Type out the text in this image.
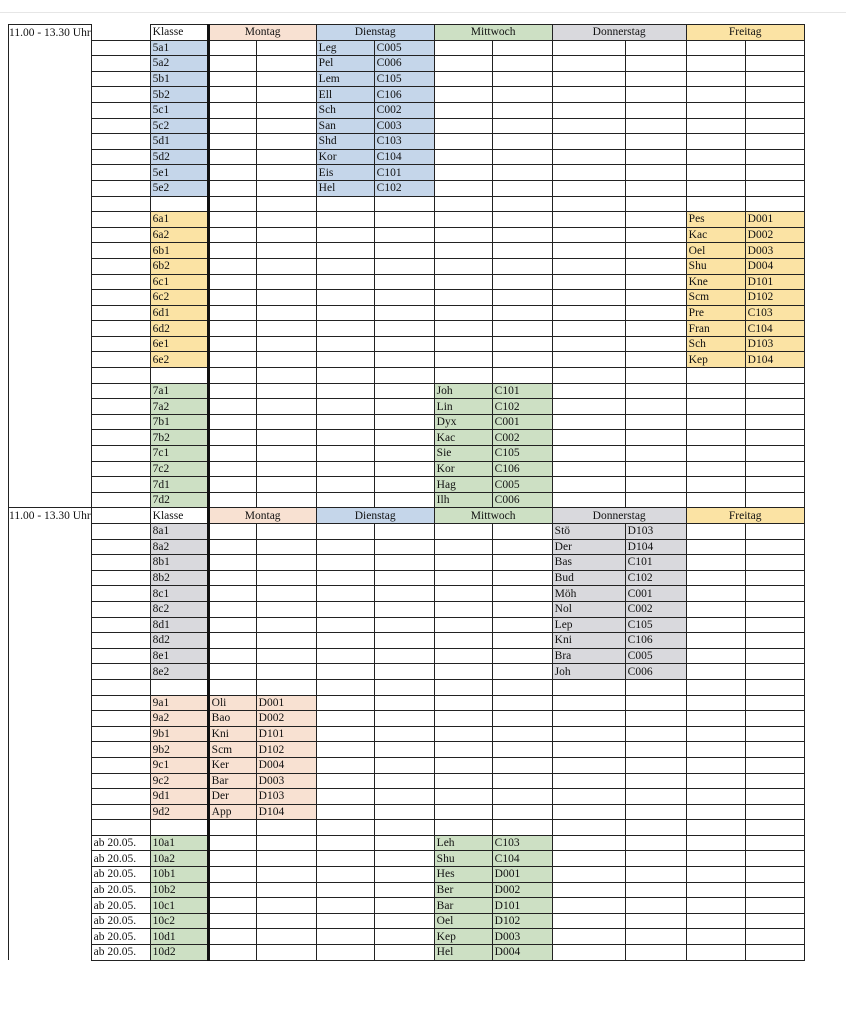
11.00 - 13.30 Uhr		Klasse	Montag		Dienstag		Mittwoch		Donnerstag		Freitag	
		5a1			Leg	C005						
		5a2			Pel	C006						
		5b1			Lem	C105						
		5b2			Ell	C106						
		5c1			Sch	C002						
		5c2			San	C003						
		5d1			Shd	C103						
		5d2			Kor	C104						
		5e1			Eis	C101						
		5e2			Hel	C102						

		6a1									Pes	D001
		6a2									Kac	D002
		6b1									Oel	D003
		6b2									Shu	D004
		6c1									Kne	D101
		6c2									Scm	D102
		6d1									Pre	C103
		6d2									Fran	C104
		6e1									Sch	D103
		6e2									Kep	D104

		7a1					Joh	C101				
		7a2					Lin	C102				
		7b1					Dyx	C001				
		7b2					Kac	C002				
		7c1					Sie	C105				
		7c2					Kor	C106				
		7d1					Hag	C005				
		7d2					Ilh	C006				
11.00 - 13.30 Uhr		Klasse	Montag		Dienstag		Mittwoch		Donnerstag		Freitag	
		8a1							Stö	D103		
		8a2							Der	D104		
		8b1							Bas	C101		
		8b2							Bud	C102		
		8c1							Möh	C001		
		8c2							Nol	C002		
		8d1							Lep	C105		
		8d2							Kni	C106		
		8e1							Bra	C005		
		8e2							Joh	C006		

		9a1	Oli	D001								
		9a2	Bao	D002								
		9b1	Kni	D101								
		9b2	Scm	D102								
		9c1	Ker	D004								
		9c2	Bar	D003								
		9d1	Der	D103								
		9d2	App	D104								

	ab 20.05.	10a1					Leh	C103				
	ab 20.05.	10a2					Shu	C104				
	ab 20.05.	10b1					Hes	D001				
	ab 20.05.	10b2					Ber	D002				
	ab 20.05.	10c1					Bar	D101				
	ab 20.05.	10c2					Oel	D102				
	ab 20.05.	10d1					Kep	D003				
	ab 20.05.	10d2					Hel	D004				
